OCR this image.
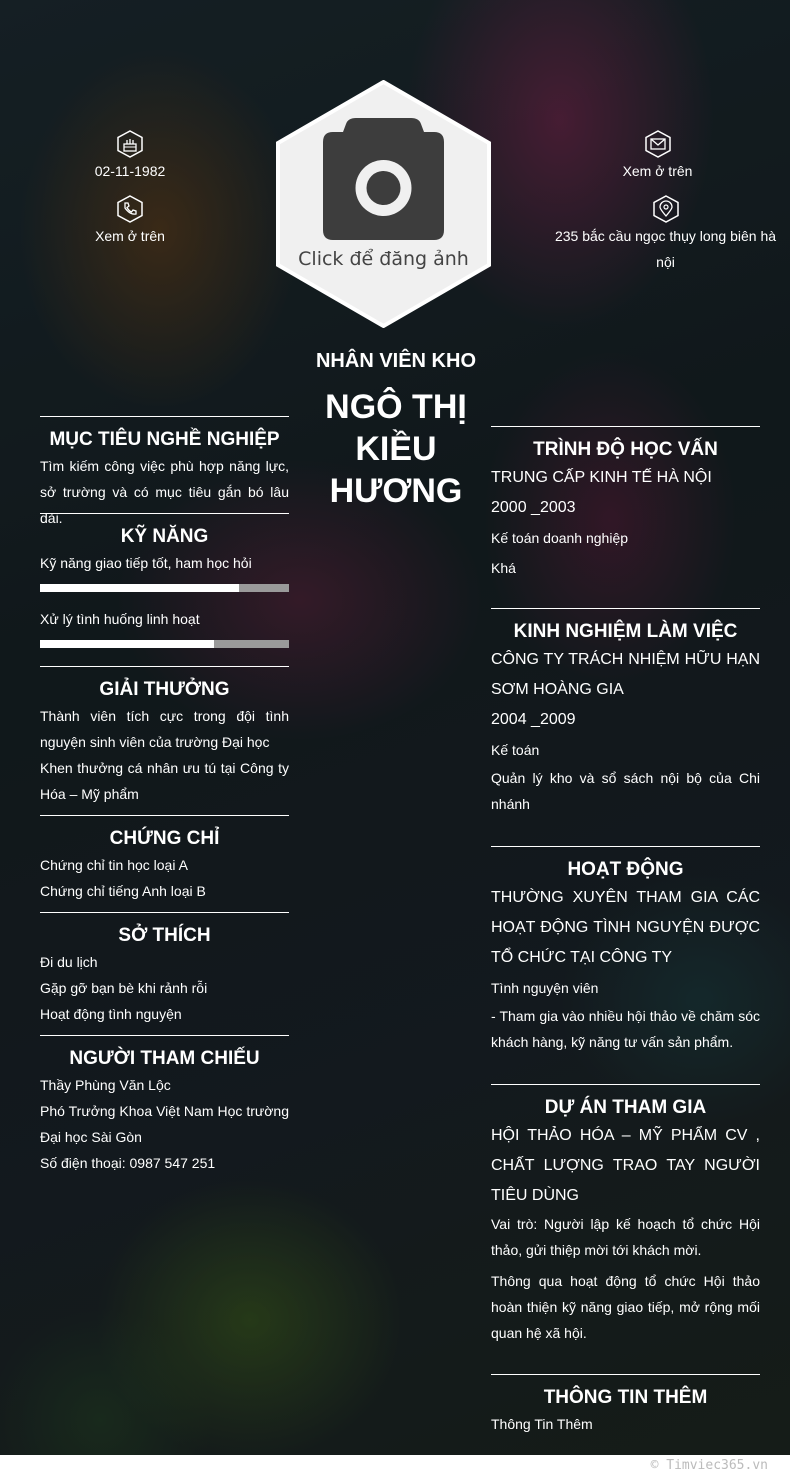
02-11-1982
Xem ở trên
Xem ở trên
235 bắc cầu ngọc thụy long biên hà nội
Click để đăng ảnh
NHÂN VIÊN KHO
NGÔ THỊ KIỀU HƯƠNG
MỤC TIÊU NGHỀ NGHIỆP

Tìm kiếm công việc phù hợp năng lực, sở trường và có mục tiêu gắn bó lâu dài.

KỸ NĂNG

Kỹ năng giao tiếp tốt, ham học hỏi

Xử lý tình huống linh hoạt

GIẢI THƯỞNG

Thành viên tích cực trong đội tình nguyện sinh viên của trường Đại học

Khen thưởng cá nhân ưu tú tại Công ty Hóa – Mỹ phẩm

CHỨNG CHỈ

Chứng chỉ tin học loại A

Chứng chỉ tiếng Anh loại B

SỞ THÍCH

Đi du lịch

Gặp gỡ bạn bè khi rảnh rỗi

Hoạt động tình nguyện

NGƯỜI THAM CHIẾU

Thầy Phùng Văn Lộc

Phó Trưởng Khoa Việt Nam Học trường Đại học Sài Gòn

Số điện thoại: 0987 547 251

TRÌNH ĐỘ HỌC VẤN

TRUNG CẤP KINH TẾ HÀ NỘI

2000 _2003

Kế toán doanh nghiệp

Khá

KINH NGHIỆM LÀM VIỆC

CÔNG TY TRÁCH NHIỆM HỮU HẠN SƠM HOÀNG GIA

2004 _2009

Kế toán

Quản lý kho và sổ sách nội bộ của Chi nhánh

HOẠT ĐỘNG

THƯỜNG XUYÊN THAM GIA CÁC HOẠT ĐỘNG TÌNH NGUYỆN ĐƯỢC TỔ CHỨC TẠI CÔNG TY

Tình nguyện viên

- Tham gia vào nhiều hội thảo về chăm sóc khách hàng, kỹ năng tư vấn sản phẩm.

DỰ ÁN THAM GIA

HỘI THẢO HÓA – MỸ PHẨM CV , CHẤT LƯỢNG TRAO TAY NGƯỜI TIÊU DÙNG

Vai trò: Người lập kế hoạch tổ chức Hội thảo, gửi thiệp mời tới khách mời.

Thông qua hoạt động tổ chức Hội thảo hoàn thiện kỹ năng giao tiếp, mở rộng mối quan hệ xã hội.

THÔNG TIN THÊM

Thông Tin Thêm

© Timviec365.vn
